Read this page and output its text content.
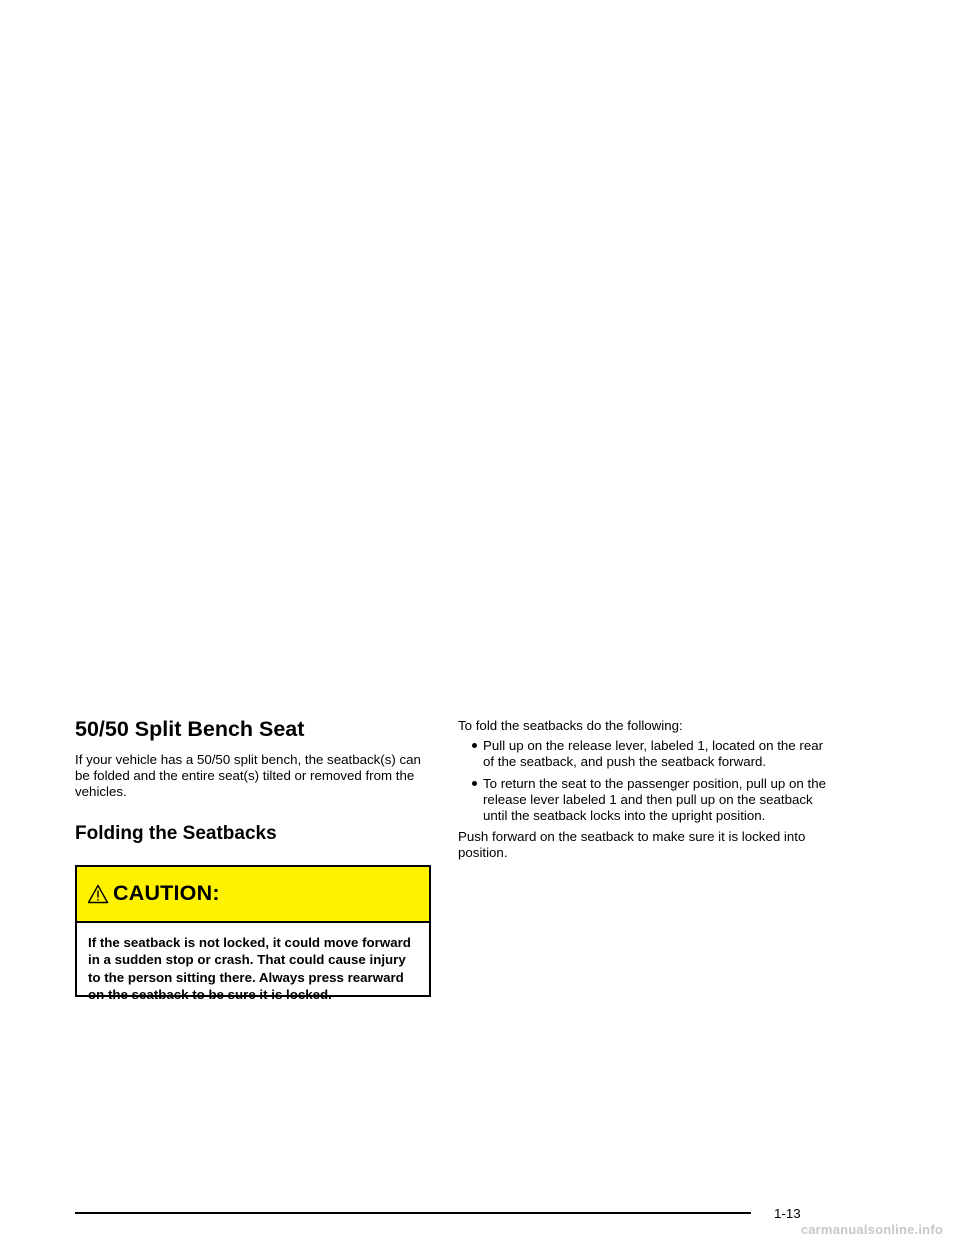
50/50 Split Bench Seat

If your vehicle has a 50/50 split bench, the seatback(s) can be folded and the entire seat(s) tilted or removed from the vehicles.

Folding the Seatbacks
CAUTION:
If the seatback is not locked, it could move forward in a sudden stop or crash. That could cause injury to the person sitting there. Always press rearward on the seatback to be sure it is locked.

To fold the seatbacks do the following:

Pull up on the release lever, labeled 1, located on the rear of the seatback, and push the seatback forward.
To return the seat to the passenger position, pull up on the release lever labeled 1 and then pull up on the seatback until the seatback locks into the upright position.

Push forward on the seatback to make sure it is locked into position.

1-13
carmanualsonline.info
